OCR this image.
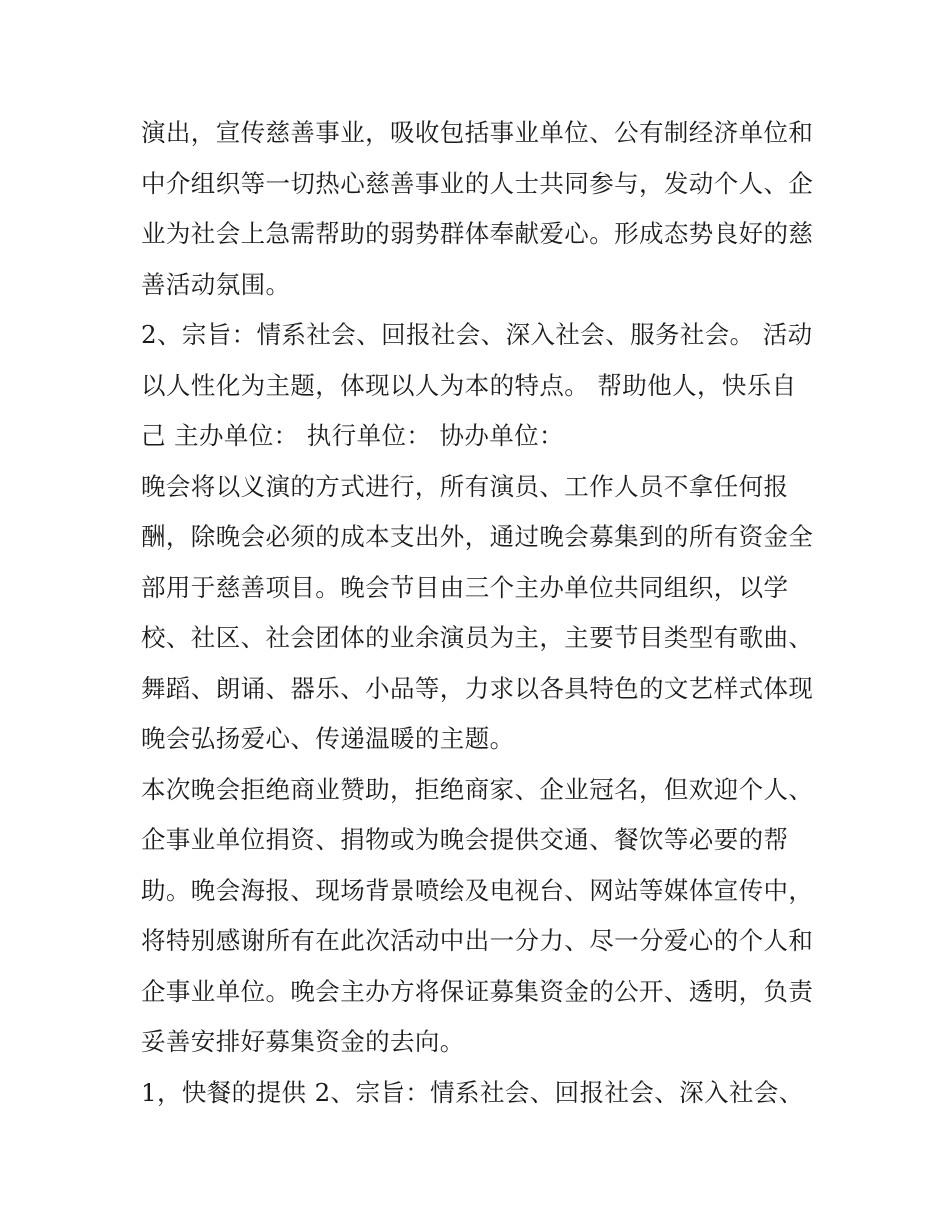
演出，宣传慈善事业，吸收包括事业单位、公有制经济单位和
中介组织等一切热心慈善事业的人士共同参与，发动个人、企
业为社会上急需帮助的弱势群体奉献爱心。形成态势良好的慈
善活动氛围。
2、宗旨：情系社会、回报社会、深入社会、服务社会。 活动
以人性化为主题，体现以人为本的特点。 帮助他人，快乐自
己 主办单位： 执行单位： 协办单位：
晚会将以义演的方式进行，所有演员、工作人员不拿任何报
酬，除晚会必须的成本支出外，通过晚会募集到的所有资金全
部用于慈善项目。晚会节目由三个主办单位共同组织，以学
校、社区、社会团体的业余演员为主，主要节目类型有歌曲、
舞蹈、朗诵、器乐、小品等，力求以各具特色的文艺样式体现
晚会弘扬爱心、传递温暖的主题。
本次晚会拒绝商业赞助，拒绝商家、企业冠名，但欢迎个人、
企事业单位捐资、捐物或为晚会提供交通、餐饮等必要的帮
助。晚会海报、现场背景喷绘及电视台、网站等媒体宣传中，
将特别感谢所有在此次活动中出一分力、尽一分爱心的个人和
企事业单位。晚会主办方将保证募集资金的公开、透明，负责
妥善安排好募集资金的去向。
1，快餐的提供 2、宗旨：情系社会、回报社会、深入社会、
